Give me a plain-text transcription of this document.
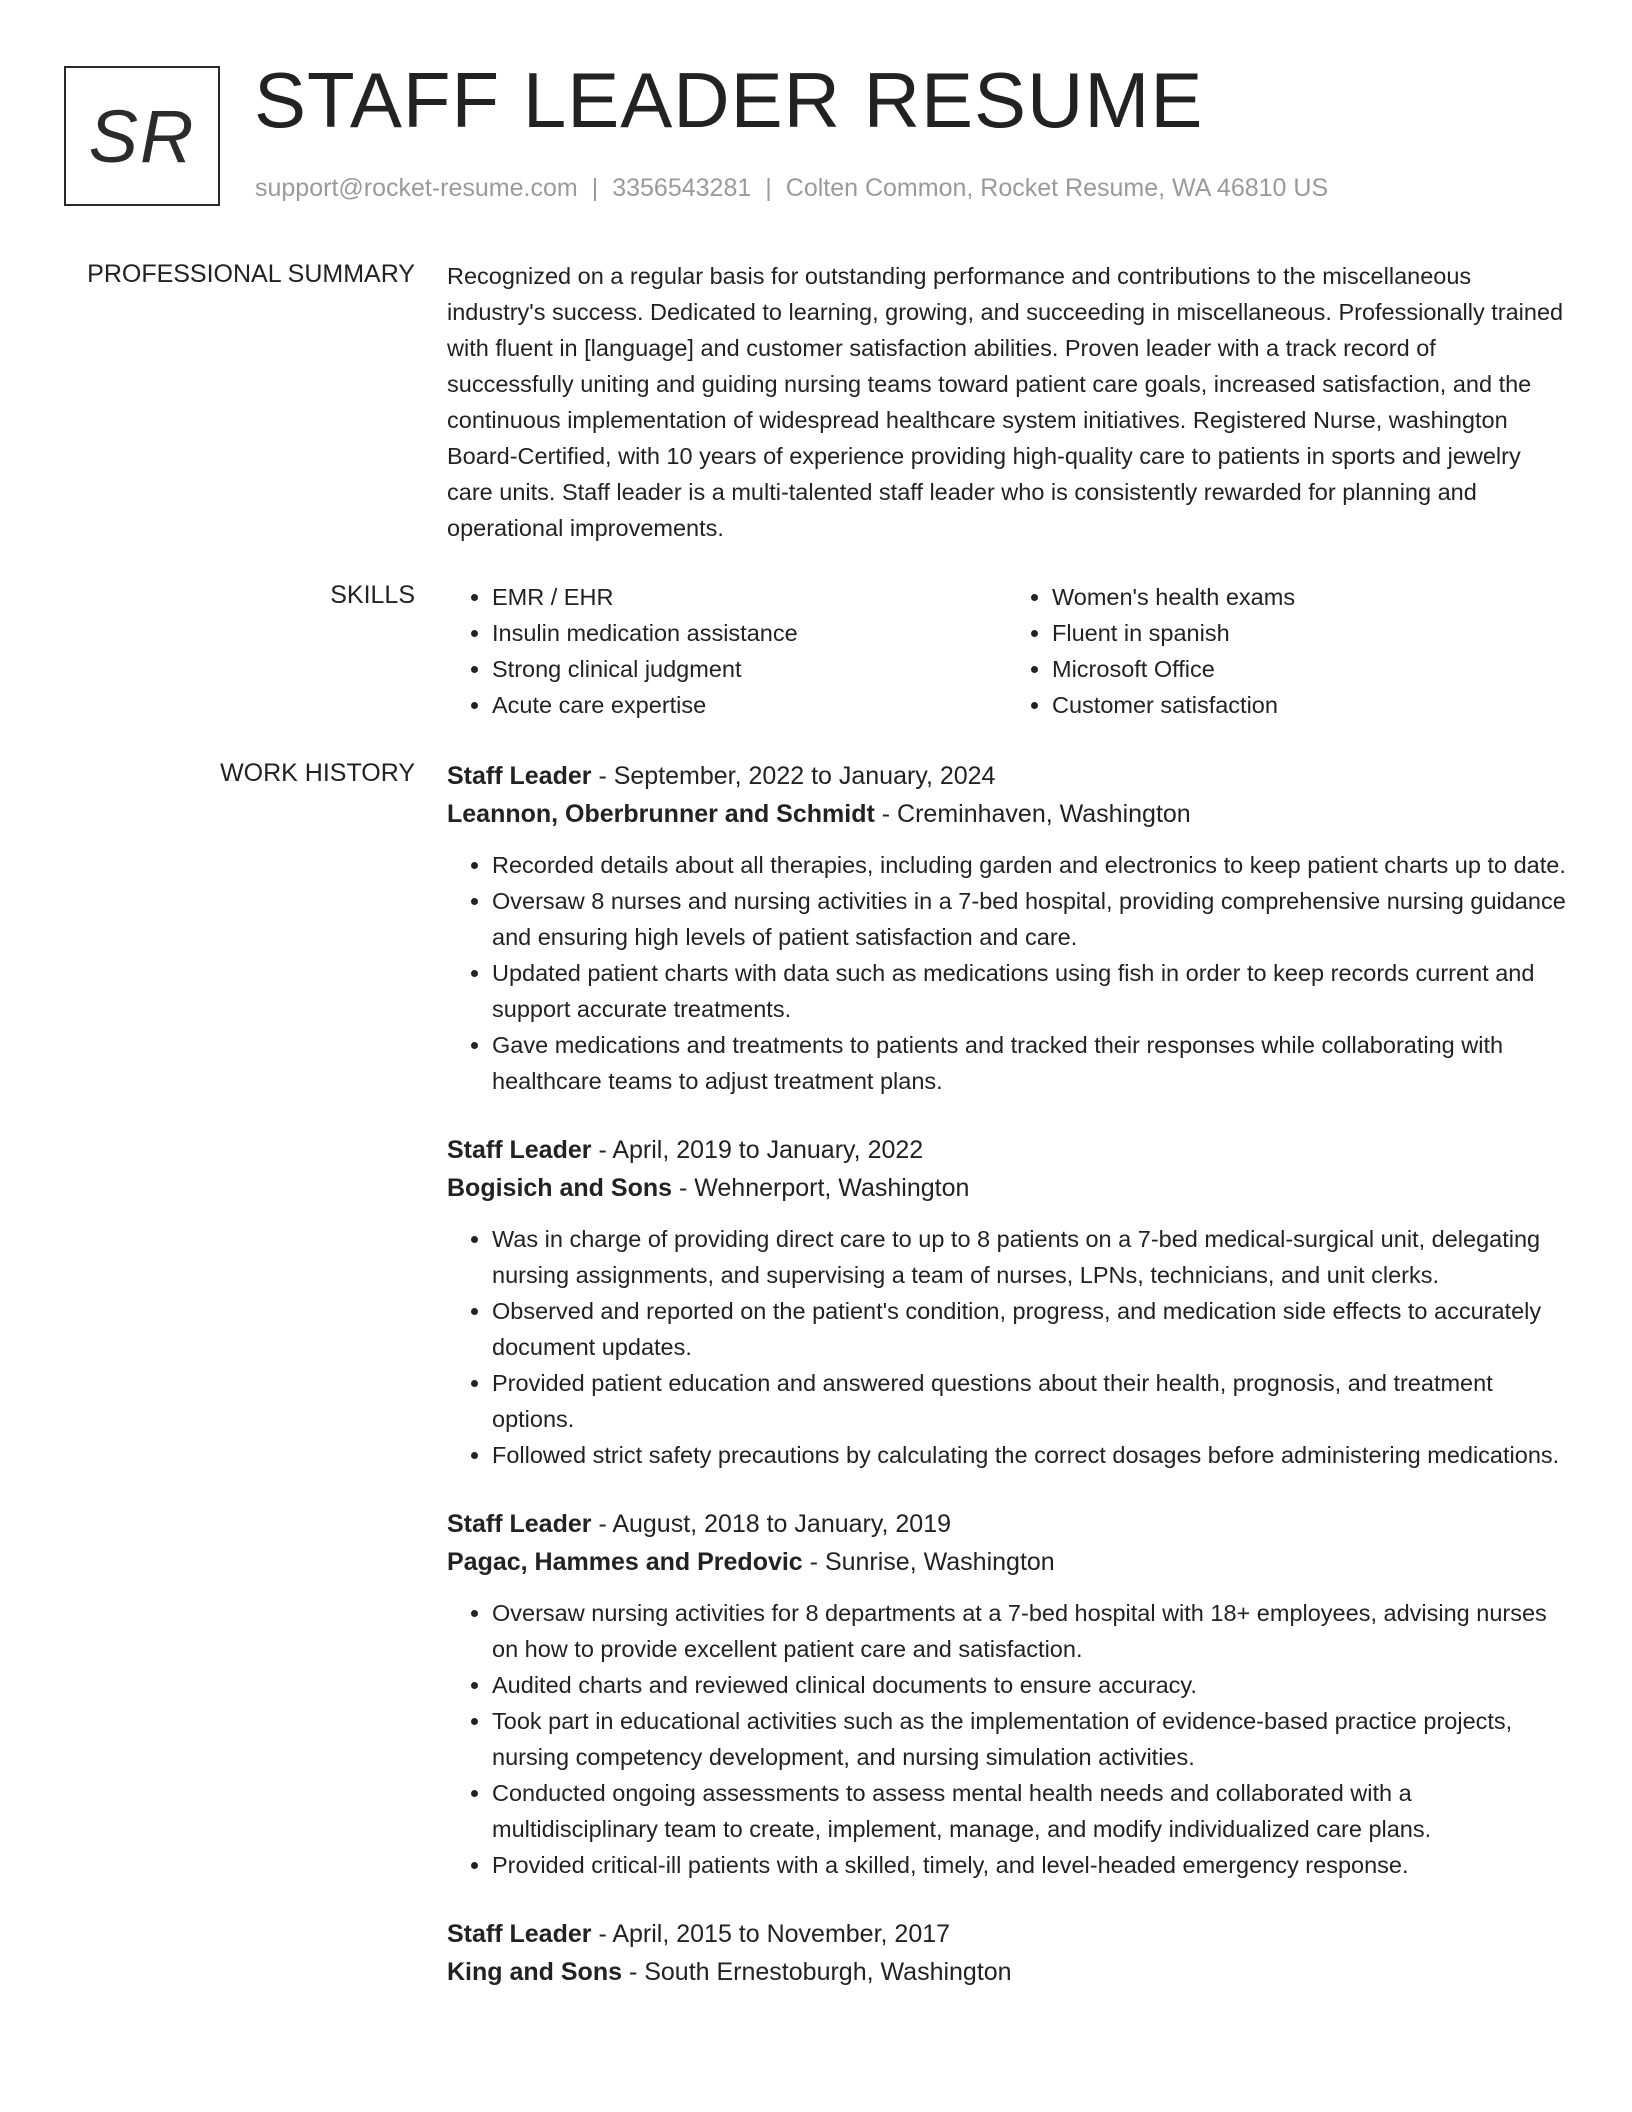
SR STAFF LEADER RESUME
support@rocket-resume.com | 3356543281 | Colten Common, Rocket Resume, WA 46810 US
PROFESSIONAL SUMMARY Recognized on a regular basis for outstanding performance and contributions to the miscellaneous industry's success. Dedicated to learning, growing, and succeeding in miscellaneous. Professionally trained with fluent in [language] and customer satisfaction abilities. Proven leader with a track record of successfully uniting and guiding nursing teams toward patient care goals, increased satisfaction, and the continuous implementation of widespread healthcare system initiatives. Registered Nurse, washington Board-Certified, with 10 years of experience providing high-quality care to patients in sports and jewelry care units. Staff leader is a multi-talented staff leader who is consistently rewarded for planning and operational improvements.

SKILLS
•	EMR / EHR
• Insulin medication assistance
• Strong clinical judgment
• Acute care expertise
• Women's health exams
• Fluent in spanish
• Microsoft Office
• Customer satisfaction
WORK HISTORY Staff Leader - September, 2022 to January, 2024
Leannon, Oberbrunner and Schmidt - Creminhaven, Washington
• Recorded details about all therapies, including garden and electronics to keep patient charts up to date.
• Oversaw 8 nurses and nursing activities in a 7-bed hospital, providing comprehensive nursing guidance and ensuring high levels of patient satisfaction and care.
• Updated patient charts with data such as medications using fish in order to keep records current and support accurate treatments.
• Gave medications and treatments to patients and tracked their responses while collaborating with healthcare teams to adjust treatment plans.
Staff Leader - April, 2019 to January, 2022
Bogisich and Sons - Wehnerport, Washington
• Was in charge of providing direct care to up to 8 patients on a 7-bed medical-surgical unit, delegating nursing assignments, and supervising a team of nurses, LPNs, technicians, and unit clerks.
• Observed and reported on the patient's condition, progress, and medication side effects to accurately document updates.
• Provided patient education and answered questions about their health, prognosis, and treatment options.
• Followed strict safety precautions by calculating the correct dosages before administering medications.
Staff Leader - August, 2018 to January, 2019
Pagac, Hammes and Predovic - Sunrise, Washington
• Oversaw nursing activities for 8 departments at a 7-bed hospital with 18+ employees, advising nurses on how to provide excellent patient care and satisfaction.
• Audited charts and reviewed clinical documents to ensure accuracy.
• Took part in educational activities such as the implementation of evidence-based practice projects, nursing competency development, and nursing simulation activities.
• Conducted ongoing assessments to assess mental health needs and collaborated with a multidisciplinary team to create, implement, manage, and modify individualized care plans.
• Provided critical-ill patients with a skilled, timely, and level-headed emergency response.
Staff Leader - April, 2015 to November, 2017
King and Sons - South Ernestoburgh, Washington
